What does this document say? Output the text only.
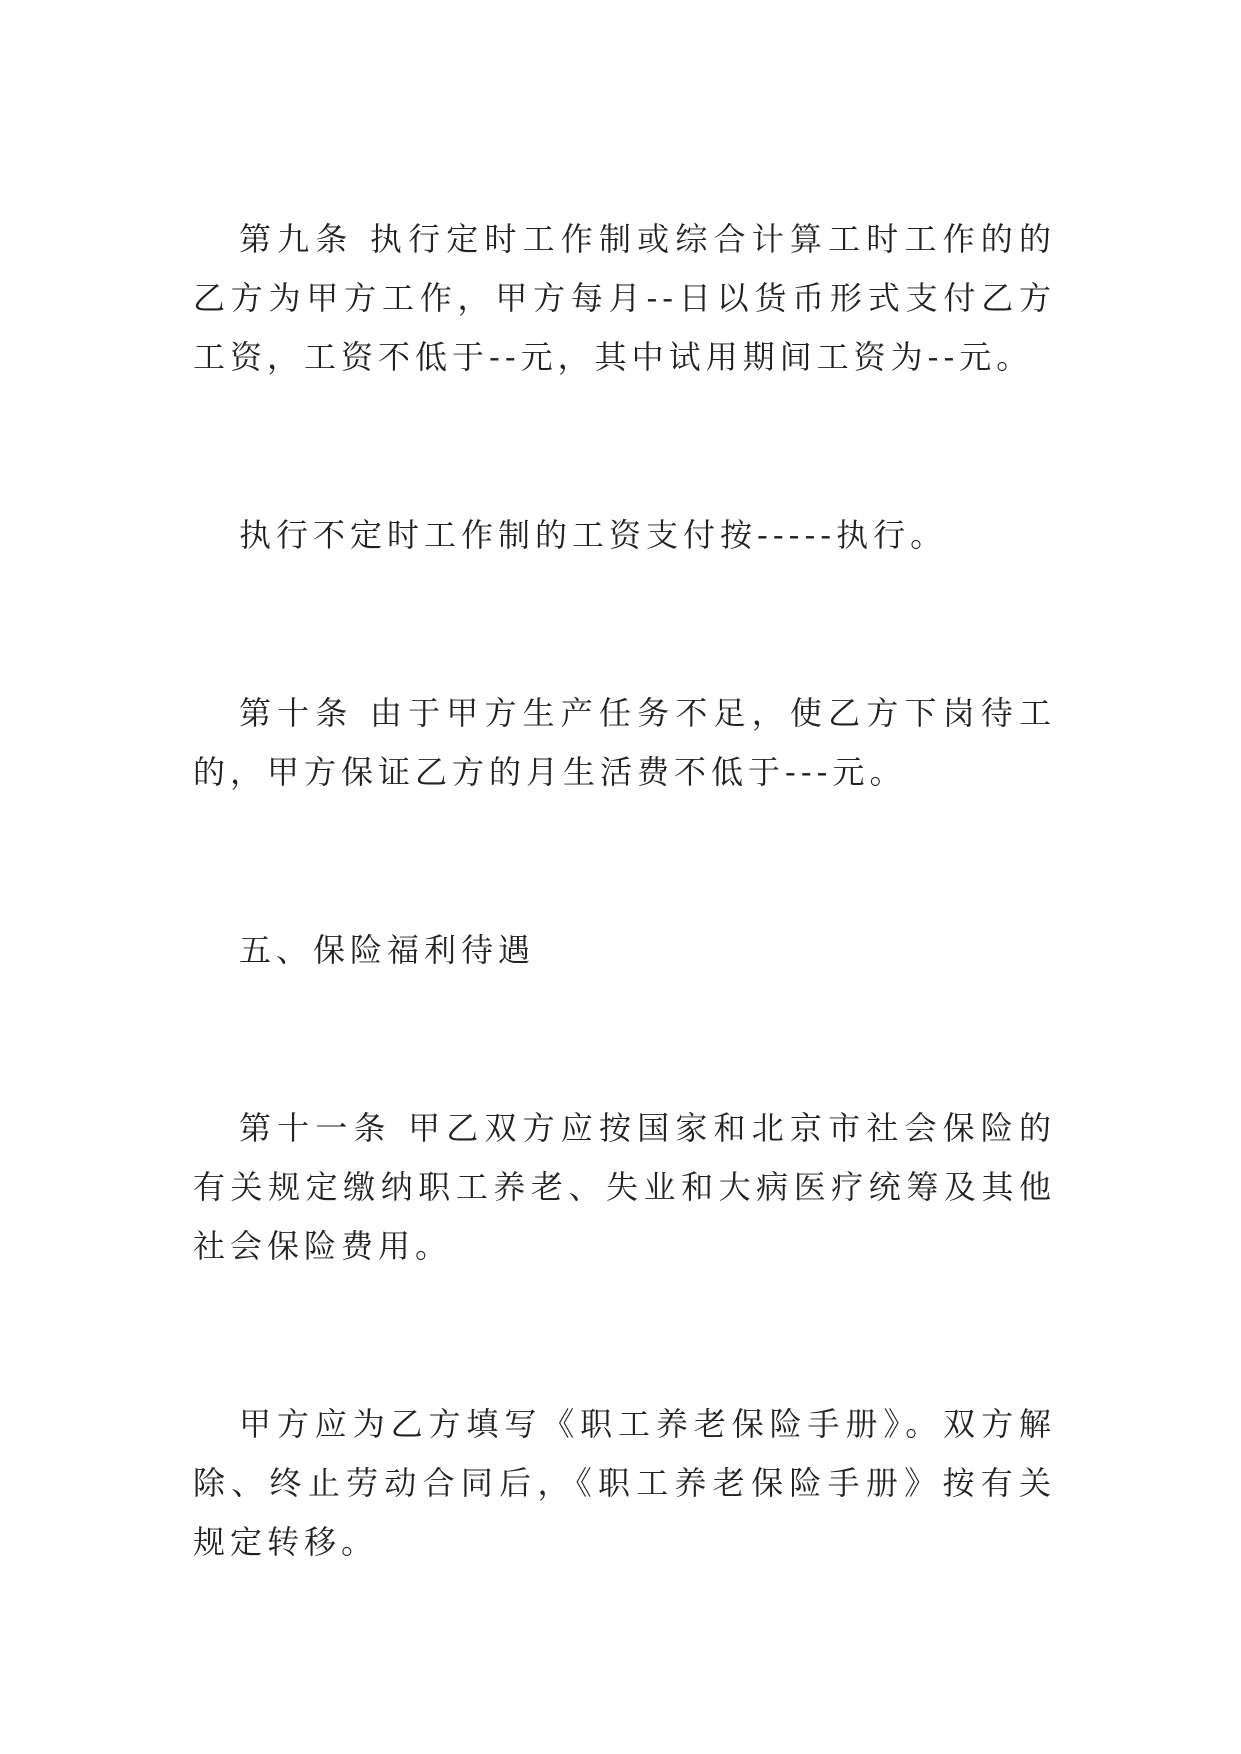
第九条 执行定时工作制或综合计算工时工作的的乙方为甲方工作，甲方每月--日以货币形式支付乙方工资，工资不低于--元，其中试用期间工资为--元。

执行不定时工作制的工资支付按-----执行。

第十条 由于甲方生产任务不足，使乙方下岗待工的，甲方保证乙方的月生活费不低于---元。

五、保险福利待遇

第十一条 甲乙双方应按国家和北京市社会保险的有关规定缴纳职工养老、失业和大病医疗统筹及其他社会保险费用。

甲方应为乙方填写《职工养老保险手册》。双方解除、终止劳动合同后，《职工养老保险手册》按有关规定转移。
